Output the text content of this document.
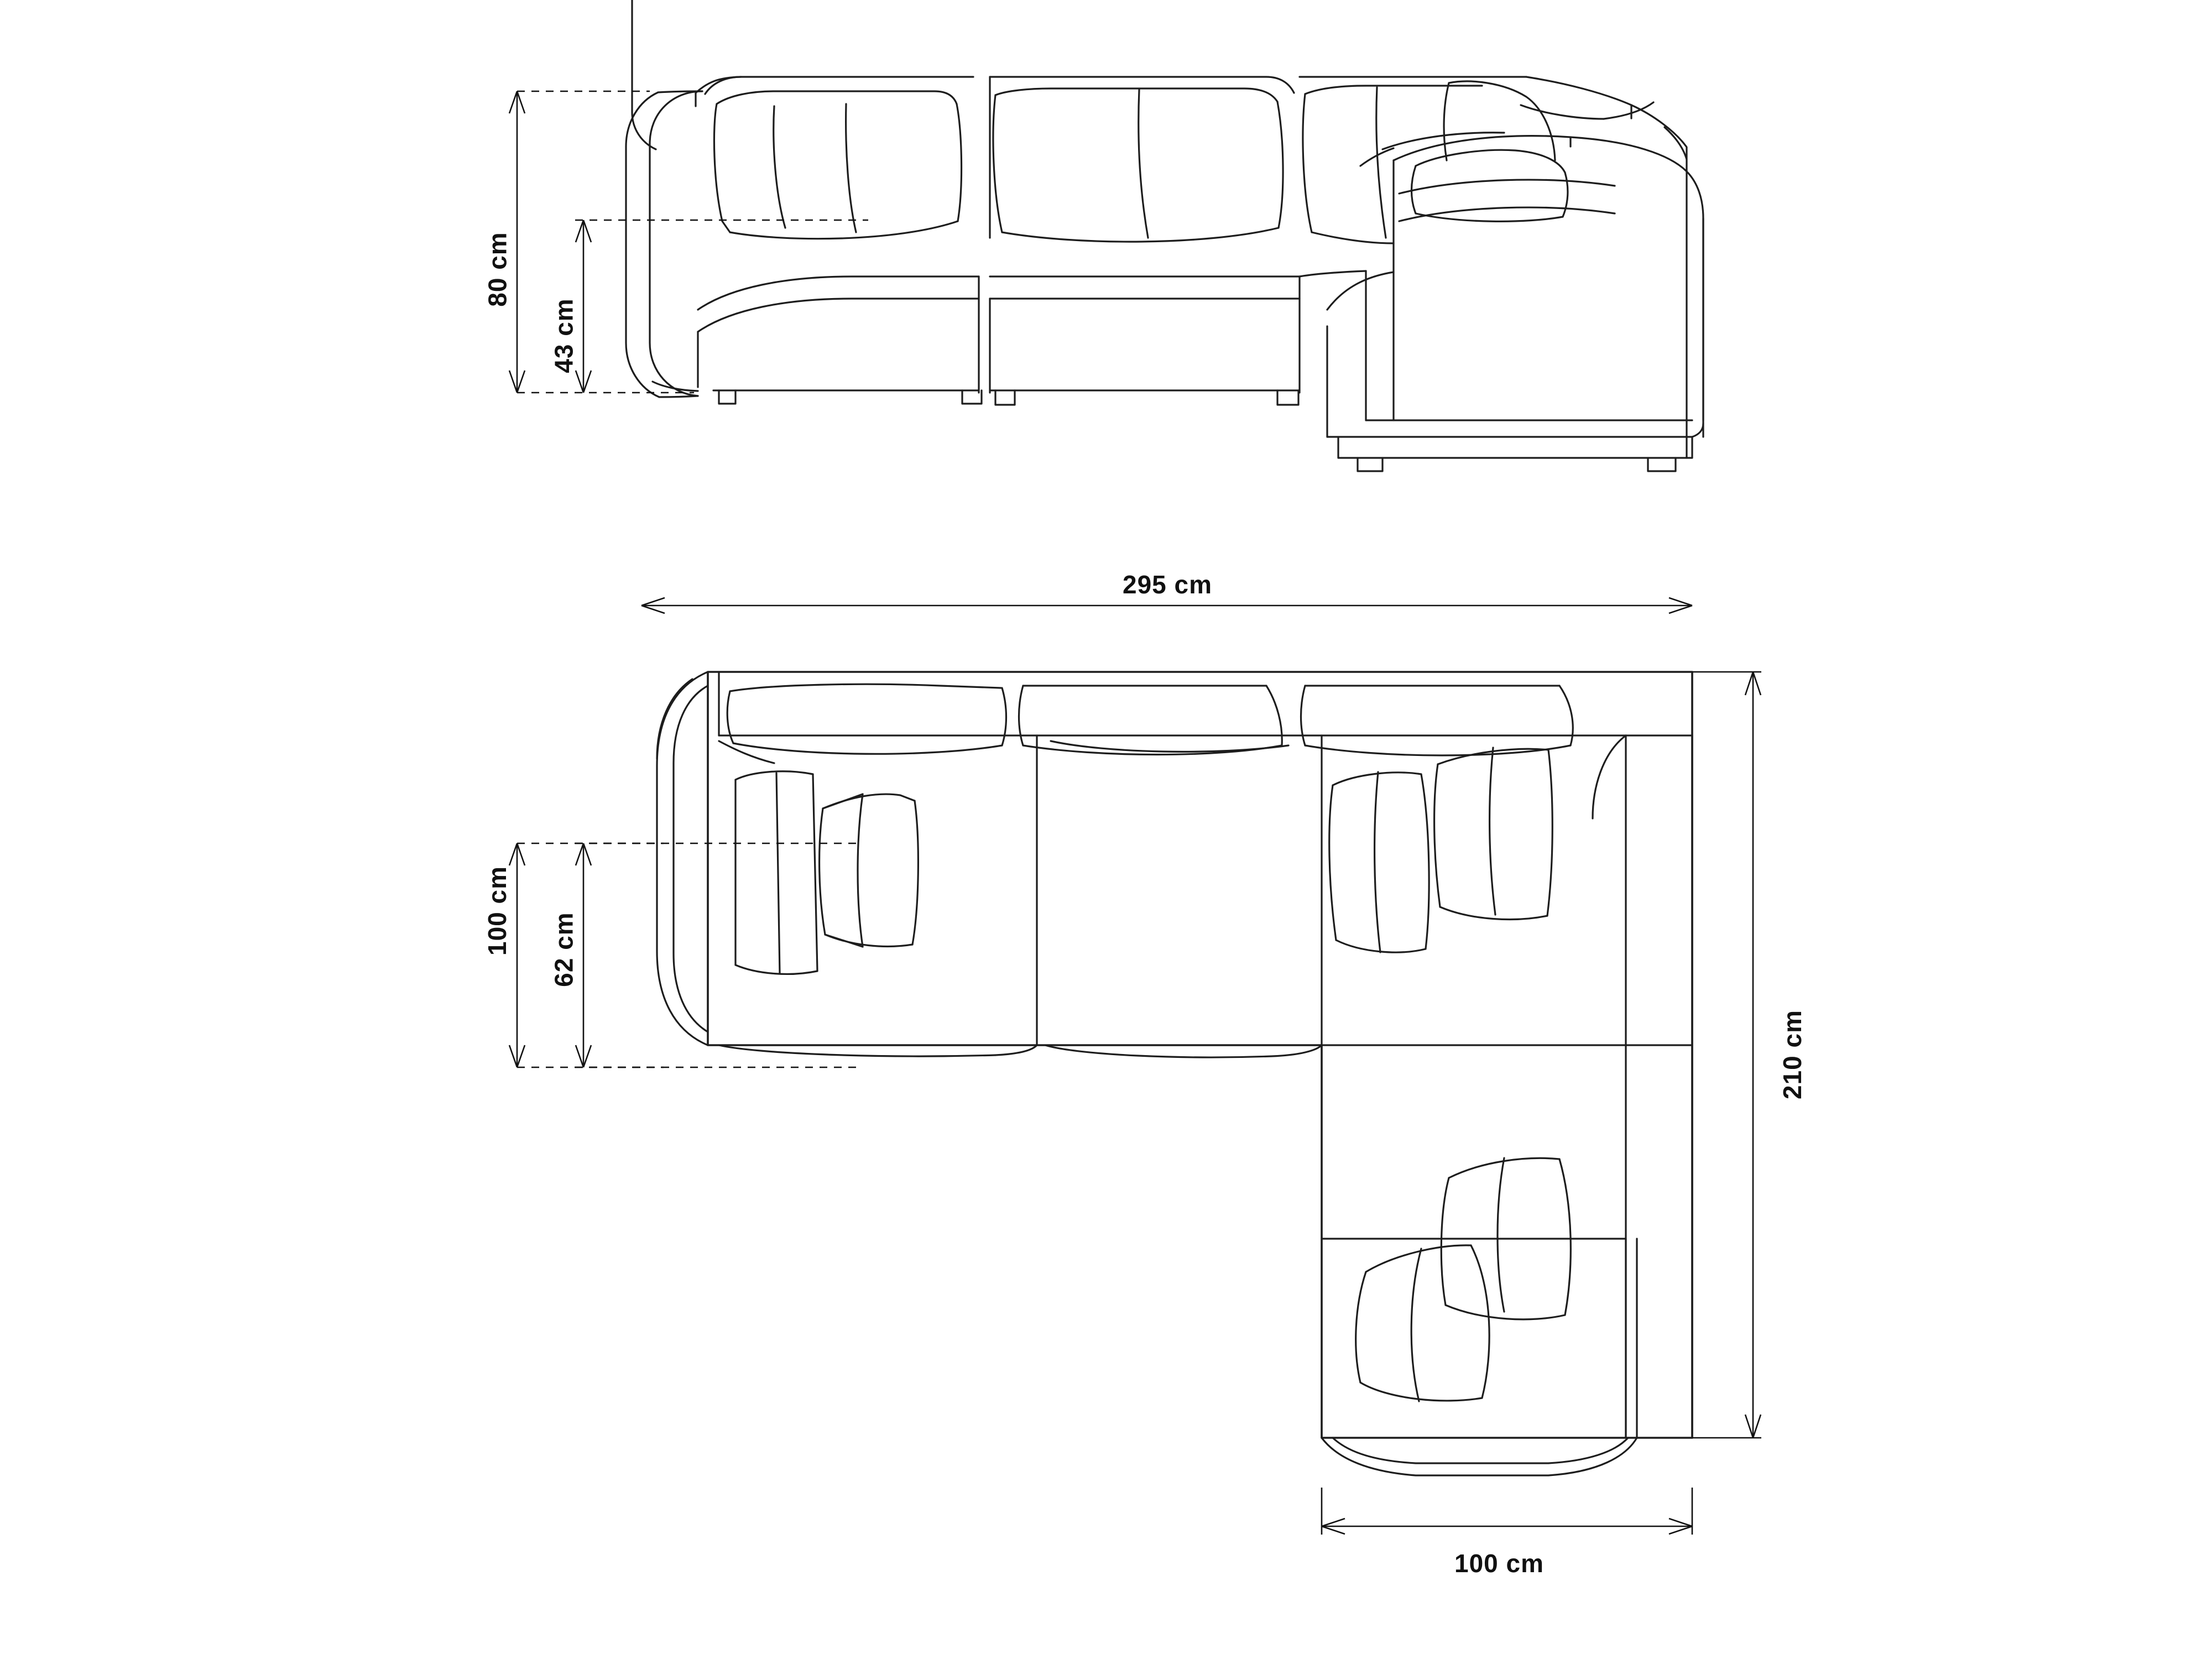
80 cm
43 cm
295 cm
100 cm 62 cm
210 cm
100 cm
